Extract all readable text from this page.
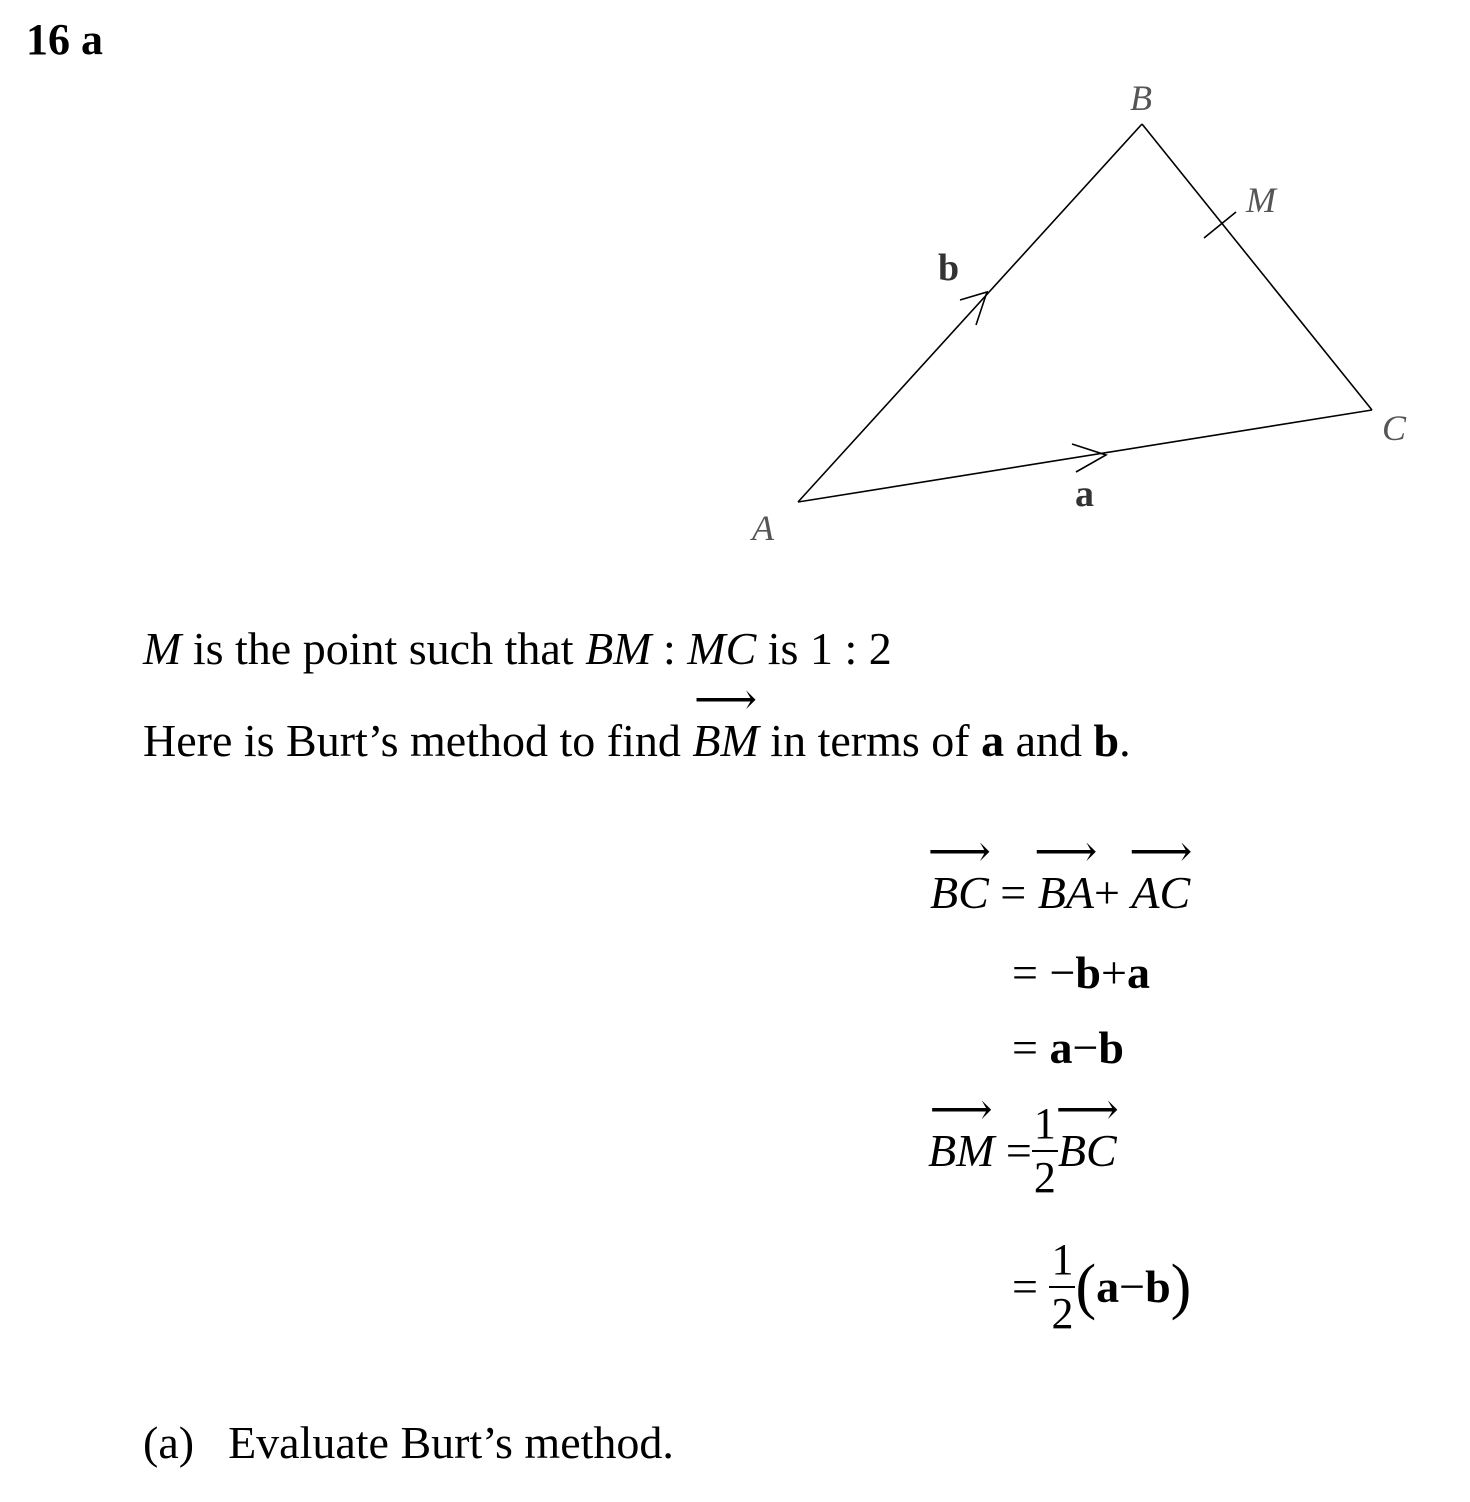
16 a
A
B
C
M
b
a
M is the point such that BM : MC is 1 : 2
Here is Burt’s method to find
⟶
BM in terms of a and b.
⟶
BC =
⟶
BA+
⟶
AC
= −b+a
= a−b
⟶
BM = $\frac{1}{2}$
⟶
BC
= $\frac{1}{2} (a-b)$
(a) Evaluate Burt’s method.
